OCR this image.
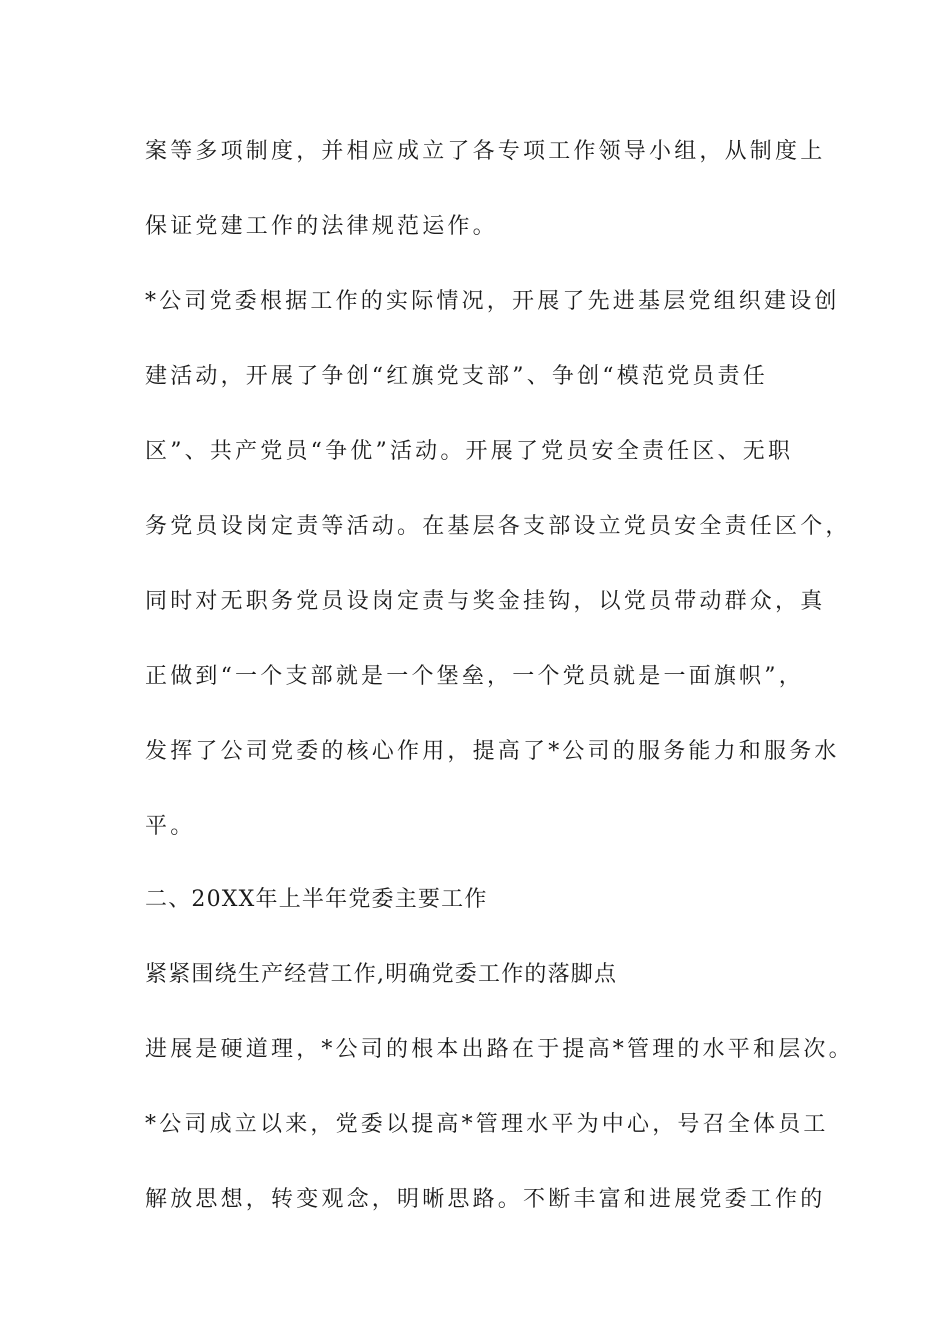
案等多项制度，并相应成立了各专项工作领导小组，从制度上
保证党建工作的法律规范运作。
*公司党委根据工作的实际情况，开展了先进基层党组织建设创
建活动，开展了争创“红旗党支部”、争创“模范党员责任
区”、共产党员“争优”活动。开展了党员安全责任区、无职
务党员设岗定责等活动。在基层各支部设立党员安全责任区个，
同时对无职务党员设岗定责与奖金挂钩，以党员带动群众，真
正做到“一个支部就是一个堡垒，一个党员就是一面旗帜”，
发挥了公司党委的核心作用，提高了*公司的服务能力和服务水
平。
二、20XX年上半年党委主要工作
紧紧围绕生产经营工作,明确党委工作的落脚点
进展是硬道理，*公司的根本出路在于提高*管理的水平和层次。
*公司成立以来，党委以提高*管理水平为中心，号召全体员工
解放思想，转变观念，明晰思路。不断丰富和进展党委工作的
